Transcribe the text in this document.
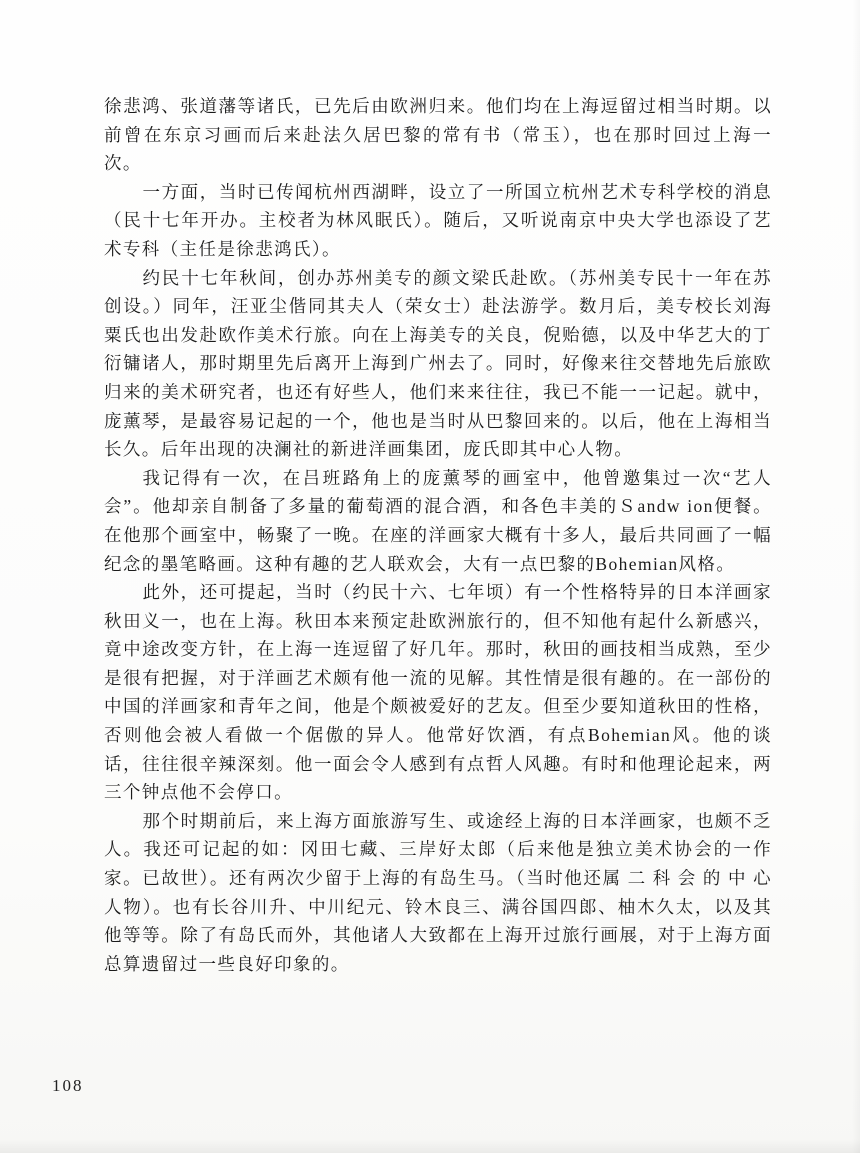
徐悲鸿、张道藩等诸氏，已先后由欧洲归来。他们均在上海逗留过相当时期。以前曾在东京习画而后来赴法久居巴黎的常有书（常玉），也在那时回过上海一次。

一方面，当时已传闻杭州西湖畔，设立了一所国立杭州艺术专科学校的消息（民十七年开办。主校者为林风眠氏）。随后，又听说南京中央大学也添设了艺术专科（主任是徐悲鸿氏）。

约民十七年秋间，创办苏州美专的颜文梁氏赴欧。（苏州美专民十一年在苏创设。）同年，汪亚尘偕同其夫人（荣女士）赴法游学。数月后，美专校长刘海粟氏也出发赴欧作美术行旅。向在上海美专的关良，倪贻德，以及中华艺大的丁衍镛诸人，那时期里先后离开上海到广州去了。同时，好像来往交替地先后旅欧归来的美术研究者，也还有好些人，他们来来往往，我已不能一一记起。就中，庞薰琴，是最容易记起的一个，他也是当时从巴黎回来的。以后，他在上海相当长久。后年出现的决澜社的新进洋画集团，庞氏即其中心人物。

我记得有一次，在吕班路角上的庞薰琴的画室中，他曾邀集过一次“艺人会”。他却亲自制备了多量的葡萄酒的混合酒，和各色丰美的Ｓandw ion便餐。在他那个画室中，畅聚了一晚。在座的洋画家大概有十多人，最后共同画了一幅纪念的墨笔略画。这种有趣的艺人联欢会，大有一点巴黎的Bohemian风格。

此外，还可提起，当时（约民十六、七年顷）有一个性格特异的日本洋画家秋田义一，也在上海。秋田本来预定赴欧洲旅行的，但不知他有起什么新感兴，竟中途改变方针，在上海一连逗留了好几年。那时，秋田的画技相当成熟，至少是很有把握，对于洋画艺术颇有他一流的见解。其性情是很有趣的。在一部份的中国的洋画家和青年之间，他是个颇被爱好的艺友。但至少要知道秋田的性格，否则他会被人看做一个倨傲的异人。他常好饮酒，有点Bohemian风。他的谈话，往往很辛辣深刻。他一面会令人感到有点哲人风趣。有时和他理论起来，两三个钟点他不会停口。

那个时期前后，来上海方面旅游写生、或途经上海的日本洋画家，也颇不乏人。我还可记起的如：冈田七藏、三岸好太郎（后来他是独立美术协会的一作家。已故世）。还有两次少留于上海的有岛生马。（当时他还属 二 科 会 的 中 心人物）。也有长谷川升、中川纪元、铃木良三、满谷国四郎、柚木久太，以及其他等等。除了有岛氏而外，其他诸人大致都在上海开过旅行画展，对于上海方面总算遗留过一些良好印象的。

108
